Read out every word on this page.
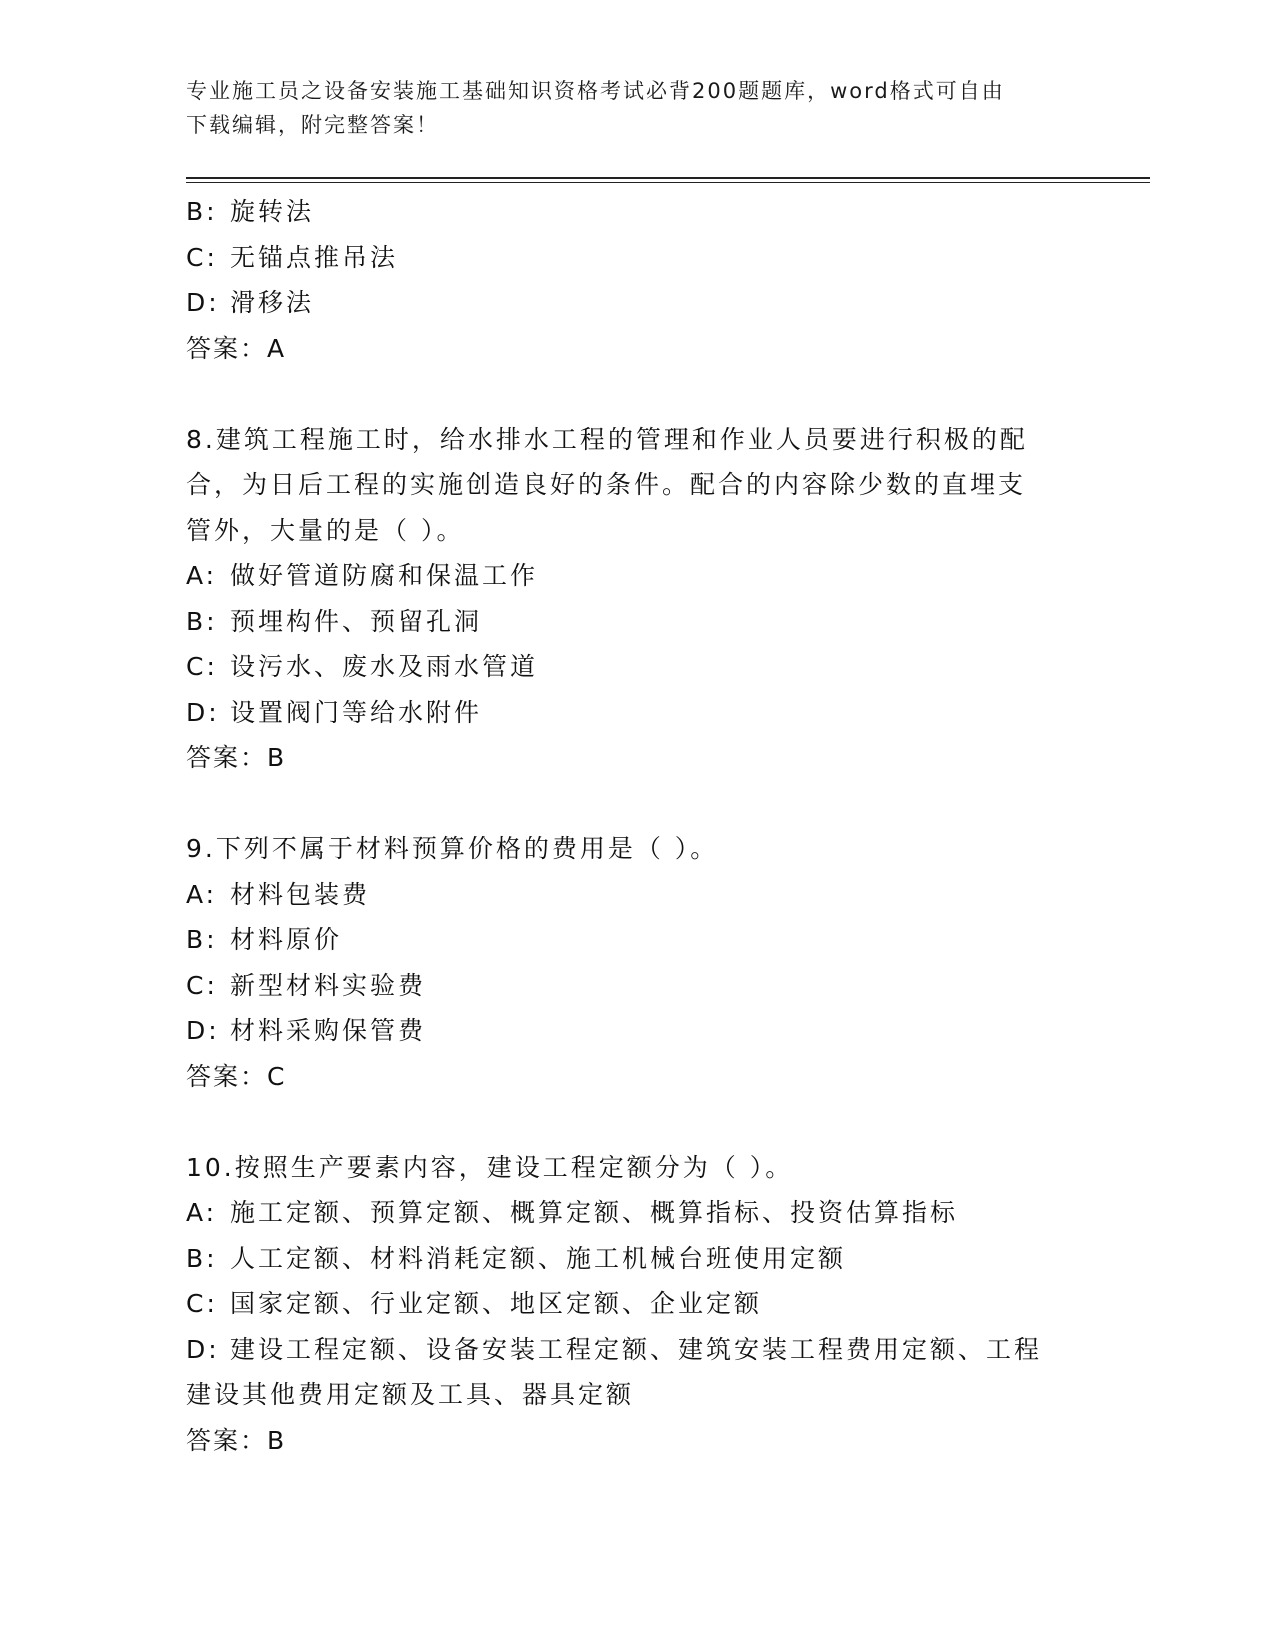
专业施工员之设备安装施工基础知识资格考试必背200题题库，word格式可自由
下载编辑，附完整答案！
B: 旋转法
C: 无锚点推吊法
D: 滑移法
答案：A
8.建筑工程施工时，给水排水工程的管理和作业人员要进行积极的配
合，为日后工程的实施创造良好的条件。配合的内容除少数的直埋支
管外，大量的是（ ）。
A: 做好管道防腐和保温工作
B: 预埋构件、预留孔洞
C: 设污水、废水及雨水管道
D: 设置阀门等给水附件
答案：B
9.下列不属于材料预算价格的费用是（ ）。
A: 材料包装费
B: 材料原价
C: 新型材料实验费
D: 材料采购保管费
答案：C
10.按照生产要素内容，建设工程定额分为（ ）。
A: 施工定额、预算定额、概算定额、概算指标、投资估算指标
B: 人工定额、材料消耗定额、施工机械台班使用定额
C: 国家定额、行业定额、地区定额、企业定额
D: 建设工程定额、设备安装工程定额、建筑安装工程费用定额、工程
建设其他费用定额及工具、器具定额
答案：B
